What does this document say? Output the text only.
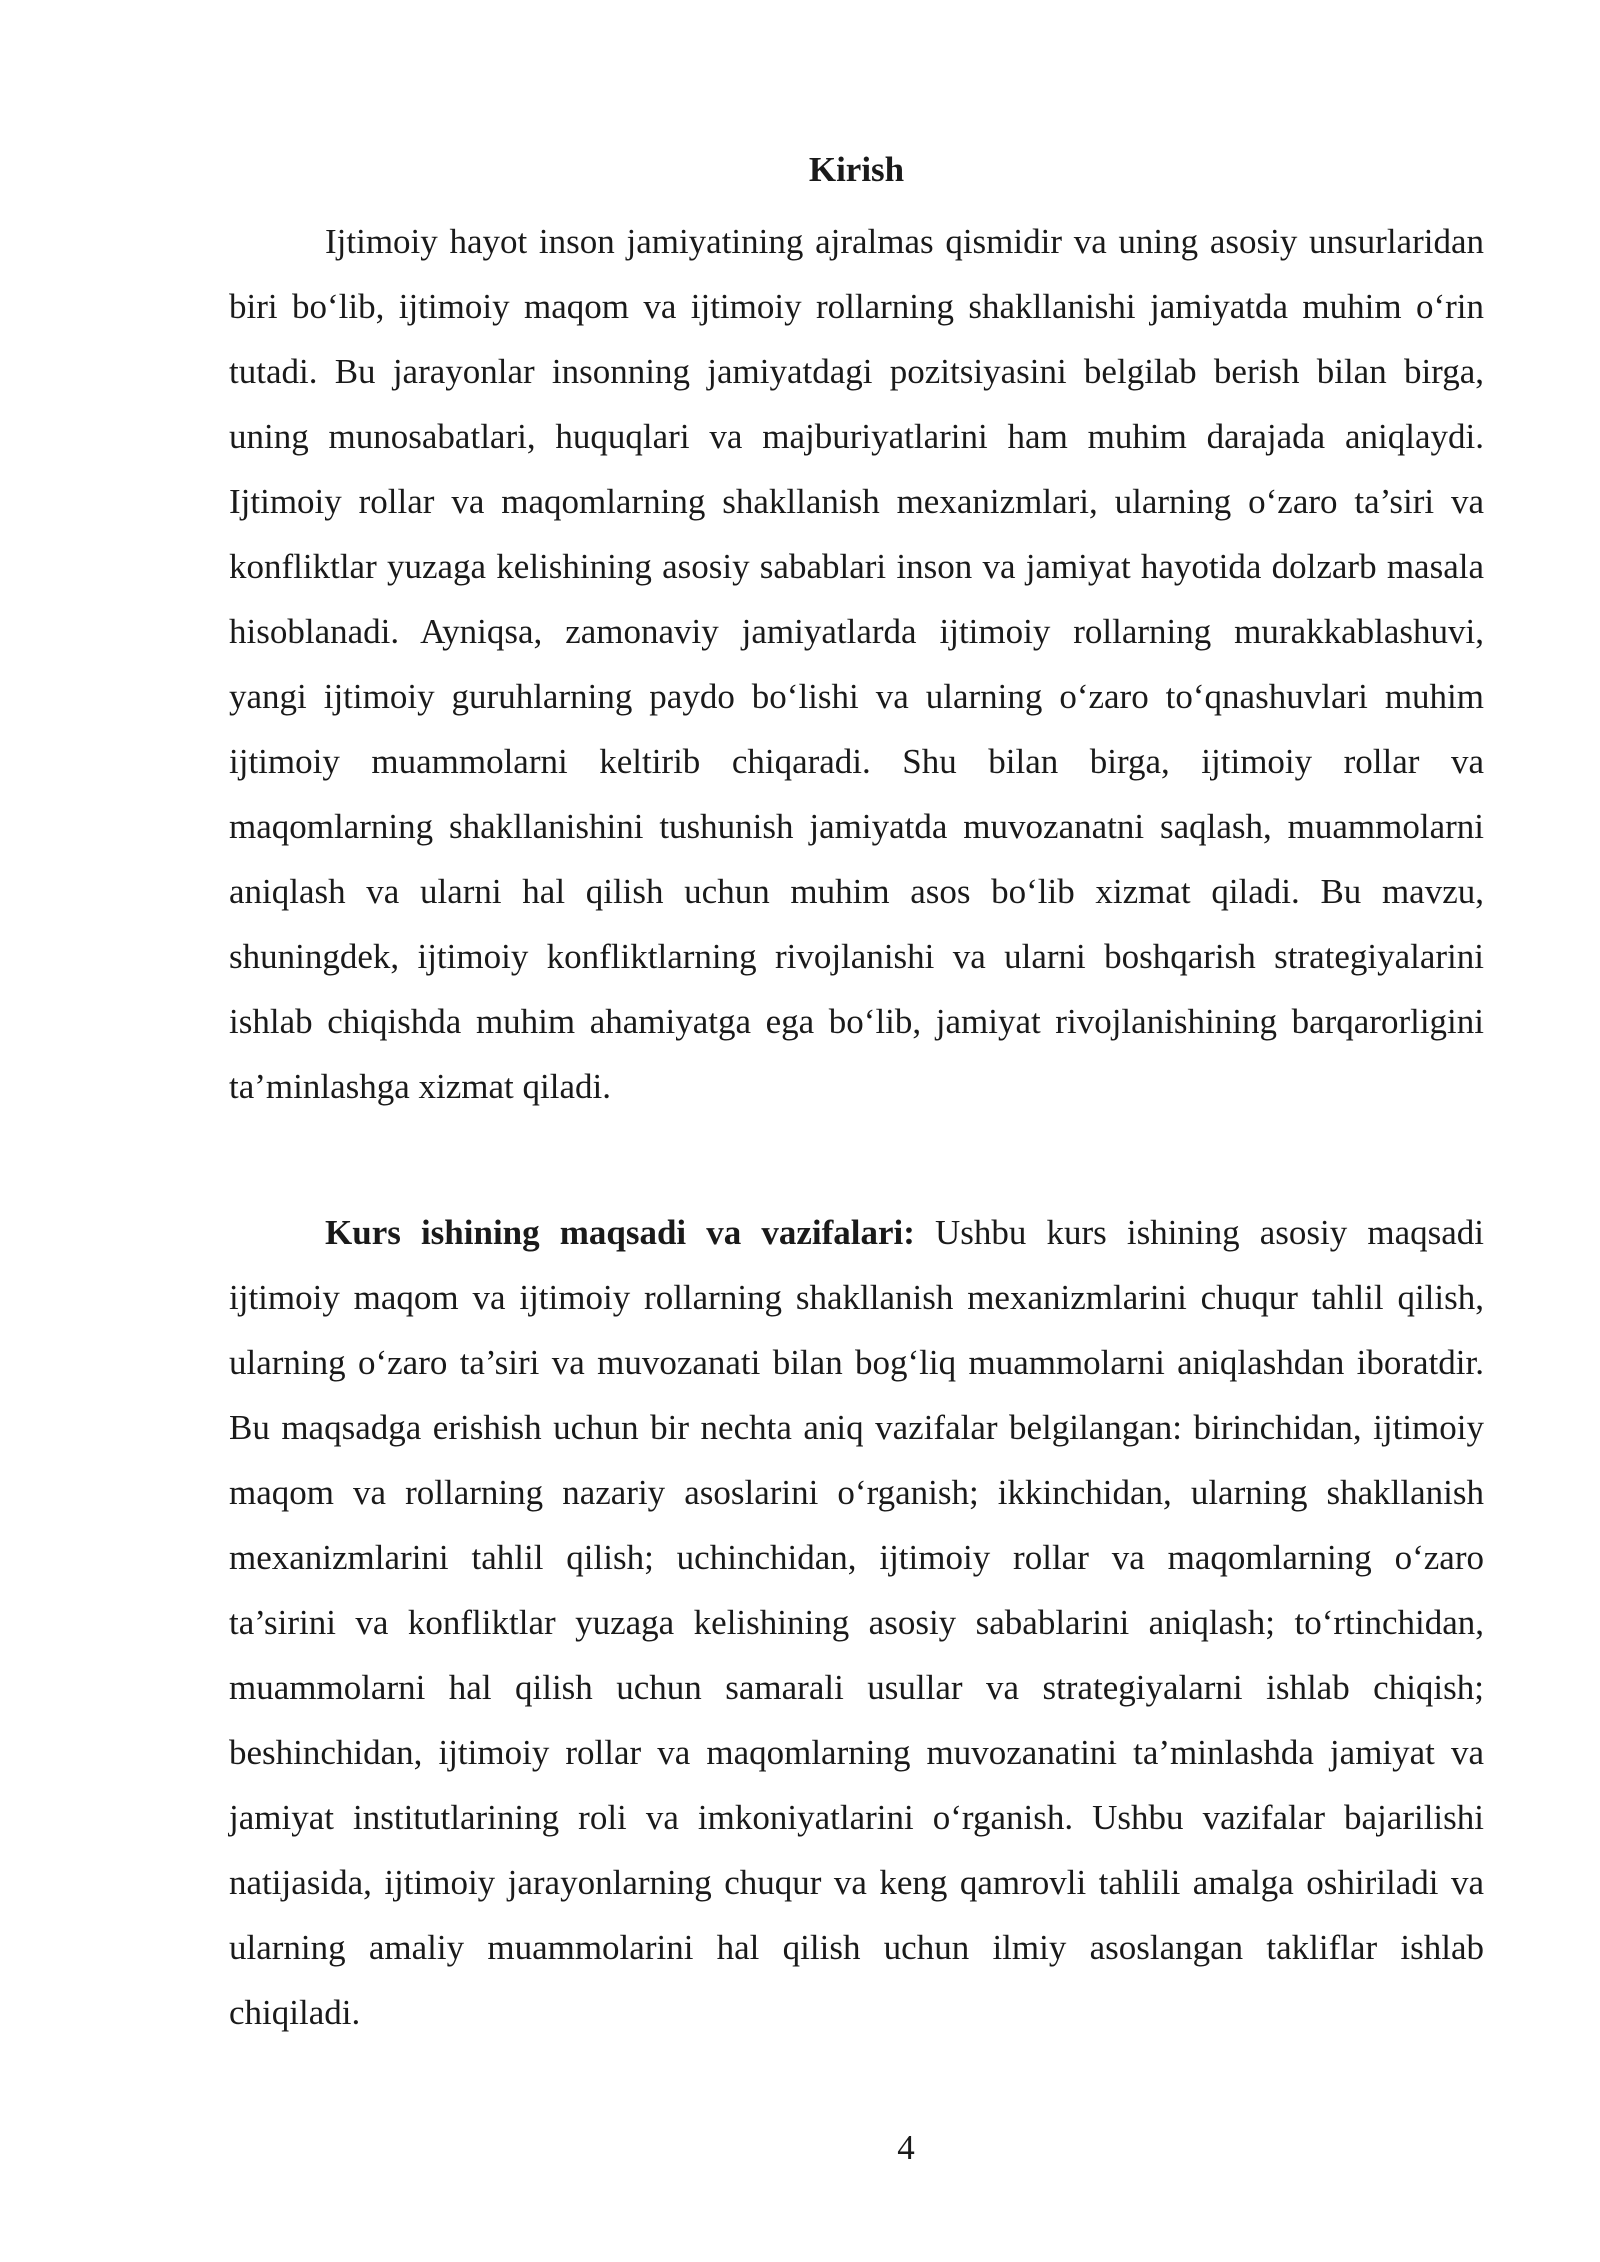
Kirish

Ijtimoiy hayot inson jamiyatining ajralmas qismidir va uning asosiy unsurlaridan biri bo‘lib, ijtimoiy maqom va ijtimoiy rollarning shakllanishi jamiyatda muhim o‘rin tutadi. Bu jarayonlar insonning jamiyatdagi pozitsiyasini belgilab berish bilan birga, uning munosabatlari, huquqlari va majburiyatlarini ham muhim darajada aniqlaydi. Ijtimoiy rollar va maqomlarning shakllanish mexanizmlari, ularning o‘zaro ta’siri va konfliktlar yuzaga kelishining asosiy sabablari inson va jamiyat hayotida dolzarb masala hisoblanadi. Ayniqsa, zamonaviy jamiyatlarda ijtimoiy rollarning murakkablashuvi, yangi ijtimoiy guruhlarning paydo bo‘lishi va ularning o‘zaro to‘qnashuvlari muhim ijtimoiy muammolarni keltirib chiqaradi. Shu bilan birga, ijtimoiy rollar va maqomlarning shakllanishini tushunish jamiyatda muvozanatni saqlash, muammolarni aniqlash va ularni hal qilish uchun muhim asos bo‘lib xizmat qiladi. Bu mavzu, shuningdek, ijtimoiy konfliktlarning rivojlanishi va ularni boshqarish strategiyalarini ishlab chiqishda muhim ahamiyatga ega bo‘lib, jamiyat rivojlanishining barqarorligini ta’minlashga xizmat qiladi.

Kurs ishining maqsadi va vazifalari: Ushbu kurs ishining asosiy maqsadi ijtimoiy maqom va ijtimoiy rollarning shakllanish mexanizmlarini chuqur tahlil qilish, ularning o‘zaro ta’siri va muvozanati bilan bog‘liq muammolarni aniqlashdan iboratdir. Bu maqsadga erishish uchun bir nechta aniq vazifalar belgilangan: birinchidan, ijtimoiy maqom va rollarning nazariy asoslarini o‘rganish; ikkinchidan, ularning shakllanish mexanizmlarini tahlil qilish; uchinchidan, ijtimoiy rollar va maqomlarning o‘zaro ta’sirini va konfliktlar yuzaga kelishining asosiy sabablarini aniqlash; to‘rtinchidan, muammolarni hal qilish uchun samarali usullar va strategiyalarni ishlab chiqish; beshinchidan, ijtimoiy rollar va maqomlarning muvozanatini ta’minlashda jamiyat va jamiyat institutlarining roli va imkoniyatlarini o‘rganish. Ushbu vazifalar bajarilishi natijasida, ijtimoiy jarayonlarning chuqur va keng qamrovli tahlili amalga oshiriladi va ularning amaliy muammolarini hal qilish uchun ilmiy asoslangan takliflar ishlab chiqiladi.

4
